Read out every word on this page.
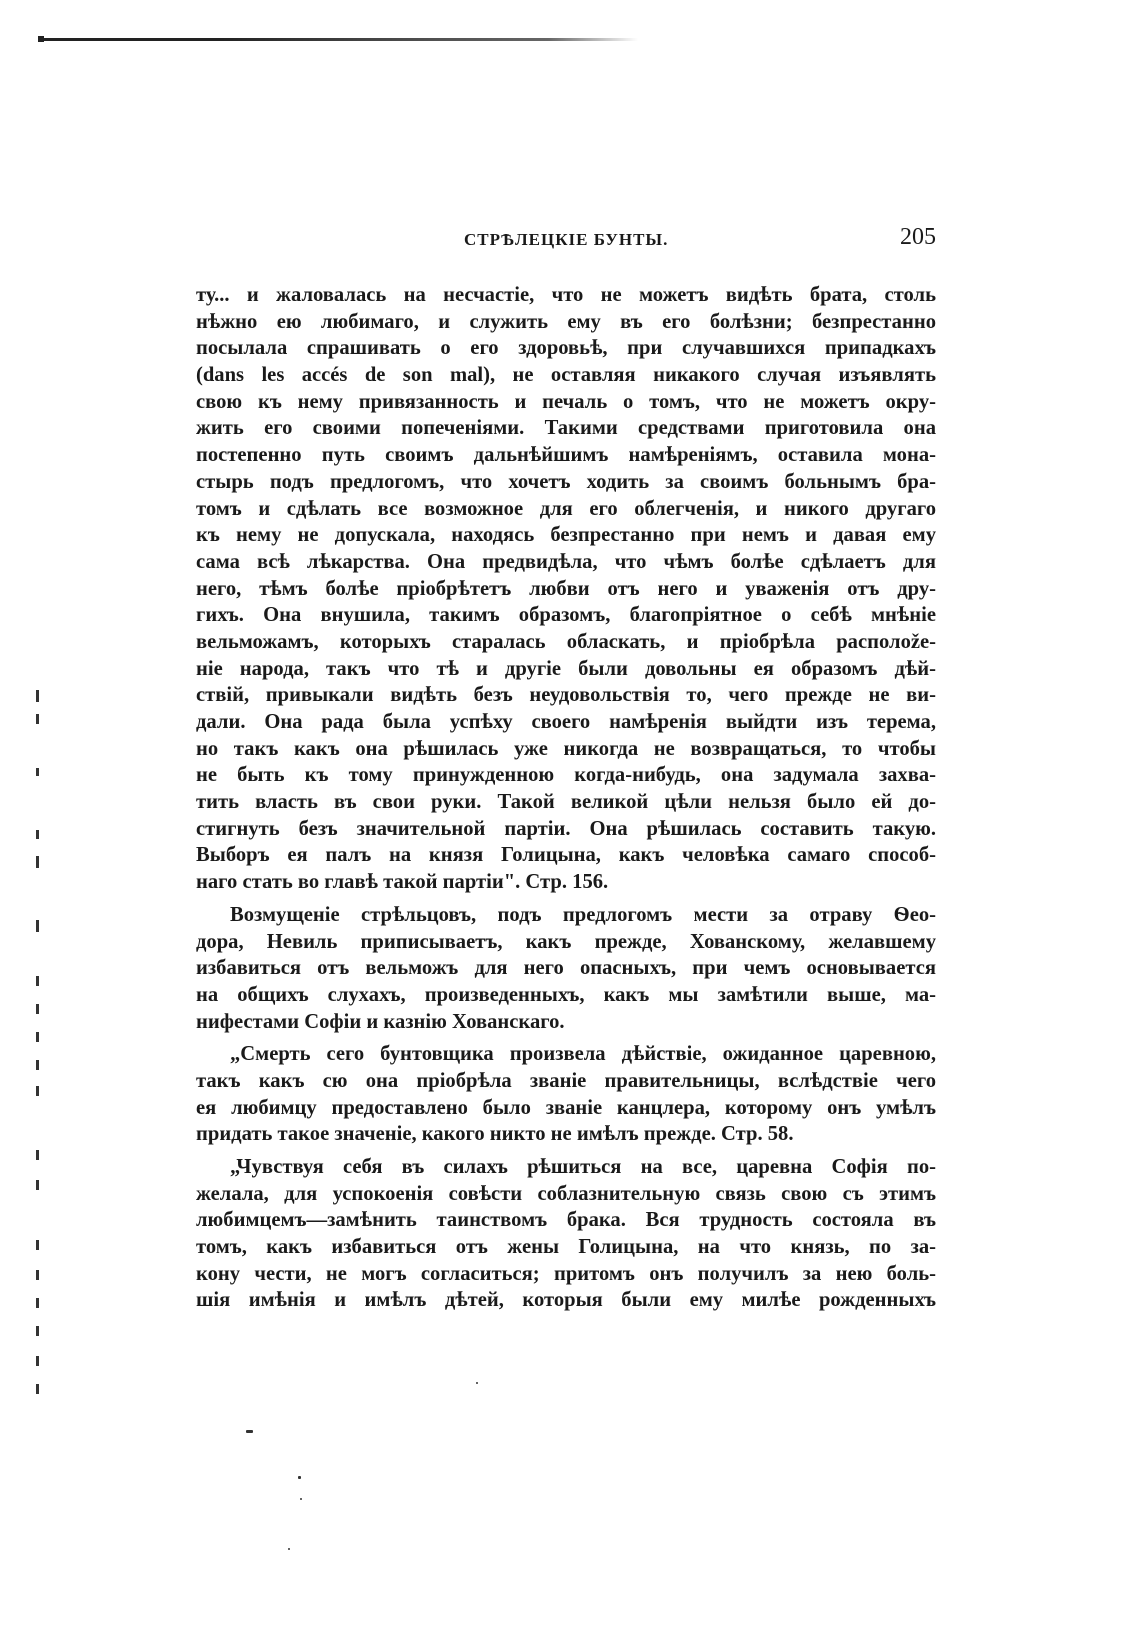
СТРѢЛЕЦКІЕ БУНТЫ.	205
ту... и жаловалась на несчастіе, что не можетъ видѣть брата, столь
нѣжно ею любимаго, и служить ему въ его болѣзни; безпрестанно
посылала спрашивать о его здоровьѣ, при случавшихся припадкахъ
(dans les accés de son mal), не оставляя никакого случая изъявлять
свою къ нему привязанность и печаль о томъ, что не можетъ окру-
жить его своими попеченіями. Такими средствами приготовила она
постепенно путь своимъ дальнѣйшимъ намѣреніямъ, оставила мона-
стырь подъ предлогомъ, что хочетъ ходить за своимъ больнымъ бра-
томъ и сдѣлать все возможное для его облегченія, и никого другаго
къ нему не допускала, находясь безпрестанно при немъ и давая ему
сама всѣ лѣкарства. Она предвидѣла, что чѣмъ болѣе сдѣлаетъ для
него, тѣмъ болѣе пріобрѣтетъ любви отъ него и уваженія отъ дру-
гихъ. Она внушила, такимъ образомъ, благопріятное о себѣ мнѣніе
вельможамъ, которыхъ старалась обласкать, и пріобрѣла располože-
ніе народа, такъ что тѣ и другіе были довольны ея образомъ дѣй-
ствій, привыкали видѣть безъ неудовольствія то, чего прежде не ви-
дали. Она рада была успѣху своего намѣренія выйдти изъ терема,
но такъ какъ она рѣшилась уже никогда не возвращаться, то чтобы
не быть къ тому принужденною когда-нибудь, она задумала захва-
тить власть въ свои руки. Такой великой цѣли нельзя было ей до-
стигнуть безъ значительной партіи. Она рѣшилась составить такую.
Выборъ ея палъ на князя Голицына, какъ человѣка самаго способ-
наго стать во главѣ такой партіи". Стр. 156.
Возмущеніе стрѣльцовъ, подъ предлогомъ мести за отраву Ѳео-
дора, Невиль приписываетъ, какъ прежде, Хованскому, желавшему
избавиться отъ вельможъ для него опасныхъ, при чемъ основывается
на общихъ слухахъ, произведенныхъ, какъ мы замѣтили выше, ма-
нифестами Софіи и казнію Хованскаго.
„Смерть сего бунтовщика произвела дѣйствіе, ожиданное царевною,
такъ какъ сю она пріобрѣла званіе правительницы, вслѣдствіе чего
ея любимцу предоставлено было званіе канцлера, которому онъ умѣлъ
придать такое значеніе, какого никто не имѣлъ прежде. Стр. 58.
„Чувствуя себя въ силахъ рѣшиться на все, царевна Софія по-
желала, для успокоенія совѣсти соблазнительную связь свою съ этимъ
любимцемъ—замѣнить таинствомъ брака. Вся трудность состояла въ
томъ, какъ избавиться отъ жены Голицына, на что князь, по за-
кону чести, не могъ согласиться; притомъ онъ получилъ за нею боль-
шія имѣнія и имѣлъ дѣтей, которыя были ему милѣе рожденныхъ
